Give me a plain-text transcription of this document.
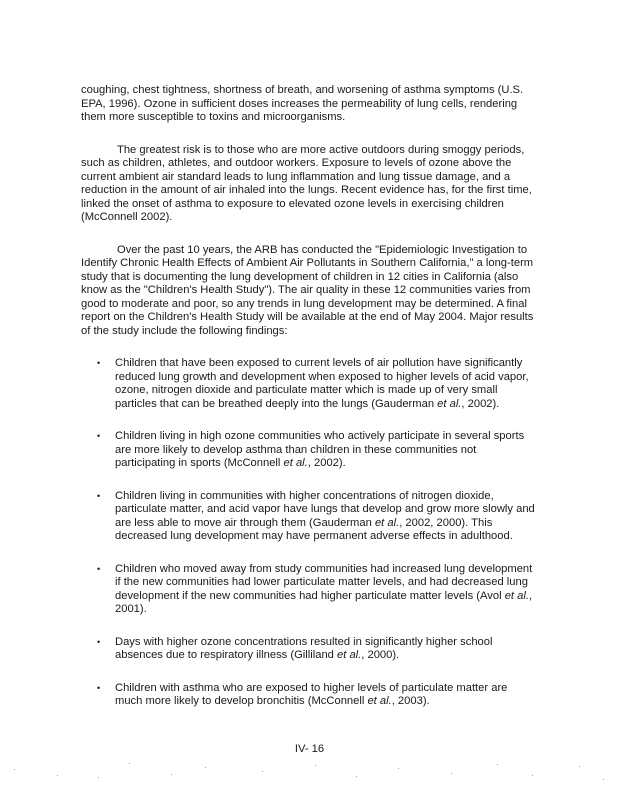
coughing, chest tightness, shortness of breath, and worsening of asthma symptoms (U.S. EPA, 1996). Ozone in sufficient doses increases the permeability of lung cells, rendering them more susceptible to toxins and microorganisms.

The greatest risk is to those who are more active outdoors during smoggy periods, such as children, athletes, and outdoor workers. Exposure to levels of ozone above the current ambient air standard leads to lung inflammation and lung tissue damage, and a reduction in the amount of air inhaled into the lungs. Recent evidence has, for the first time, linked the onset of asthma to exposure to elevated ozone levels in exercising children (McConnell 2002).

Over the past 10 years, the ARB has conducted the "Epidemiologic Investigation to Identify Chronic Health Effects of Ambient Air Pollutants in Southern California," a long-term study that is documenting the lung development of children in 12 cities in California (also know as the "Children's Health Study"). The air quality in these 12 communities varies from good to moderate and poor, so any trends in lung development may be determined. A final report on the Children's Health Study will be available at the end of May 2004. Major results of the study include the following findings:

• Children that have been exposed to current levels of air pollution have significantly reduced lung growth and development when exposed to higher levels of acid vapor, ozone, nitrogen dioxide and particulate matter which is made up of very small particles that can be breathed deeply into the lungs (Gauderman et al., 2002).
• Children living in high ozone communities who actively participate in several sports are more likely to develop asthma than children in these communities not participating in sports (McConnell et al., 2002).
• Children living in communities with higher concentrations of nitrogen dioxide, particulate matter, and acid vapor have lungs that develop and grow more slowly and are less able to move air through them (Gauderman et al., 2002, 2000). This decreased lung development may have permanent adverse effects in adulthood.
• Children who moved away from study communities had increased lung development if the new communities had lower particulate matter levels, and had decreased lung development if the new communities had higher particulate matter levels (Avol et al., 2001).
• Days with higher ozone concentrations resulted in significantly higher school absences due to respiratory illness (Gilliland et al., 2000).
• Children with asthma who are exposed to higher levels of particulate matter are much more likely to develop bronchitis (McConnell et al., 2003).
IV- 16
